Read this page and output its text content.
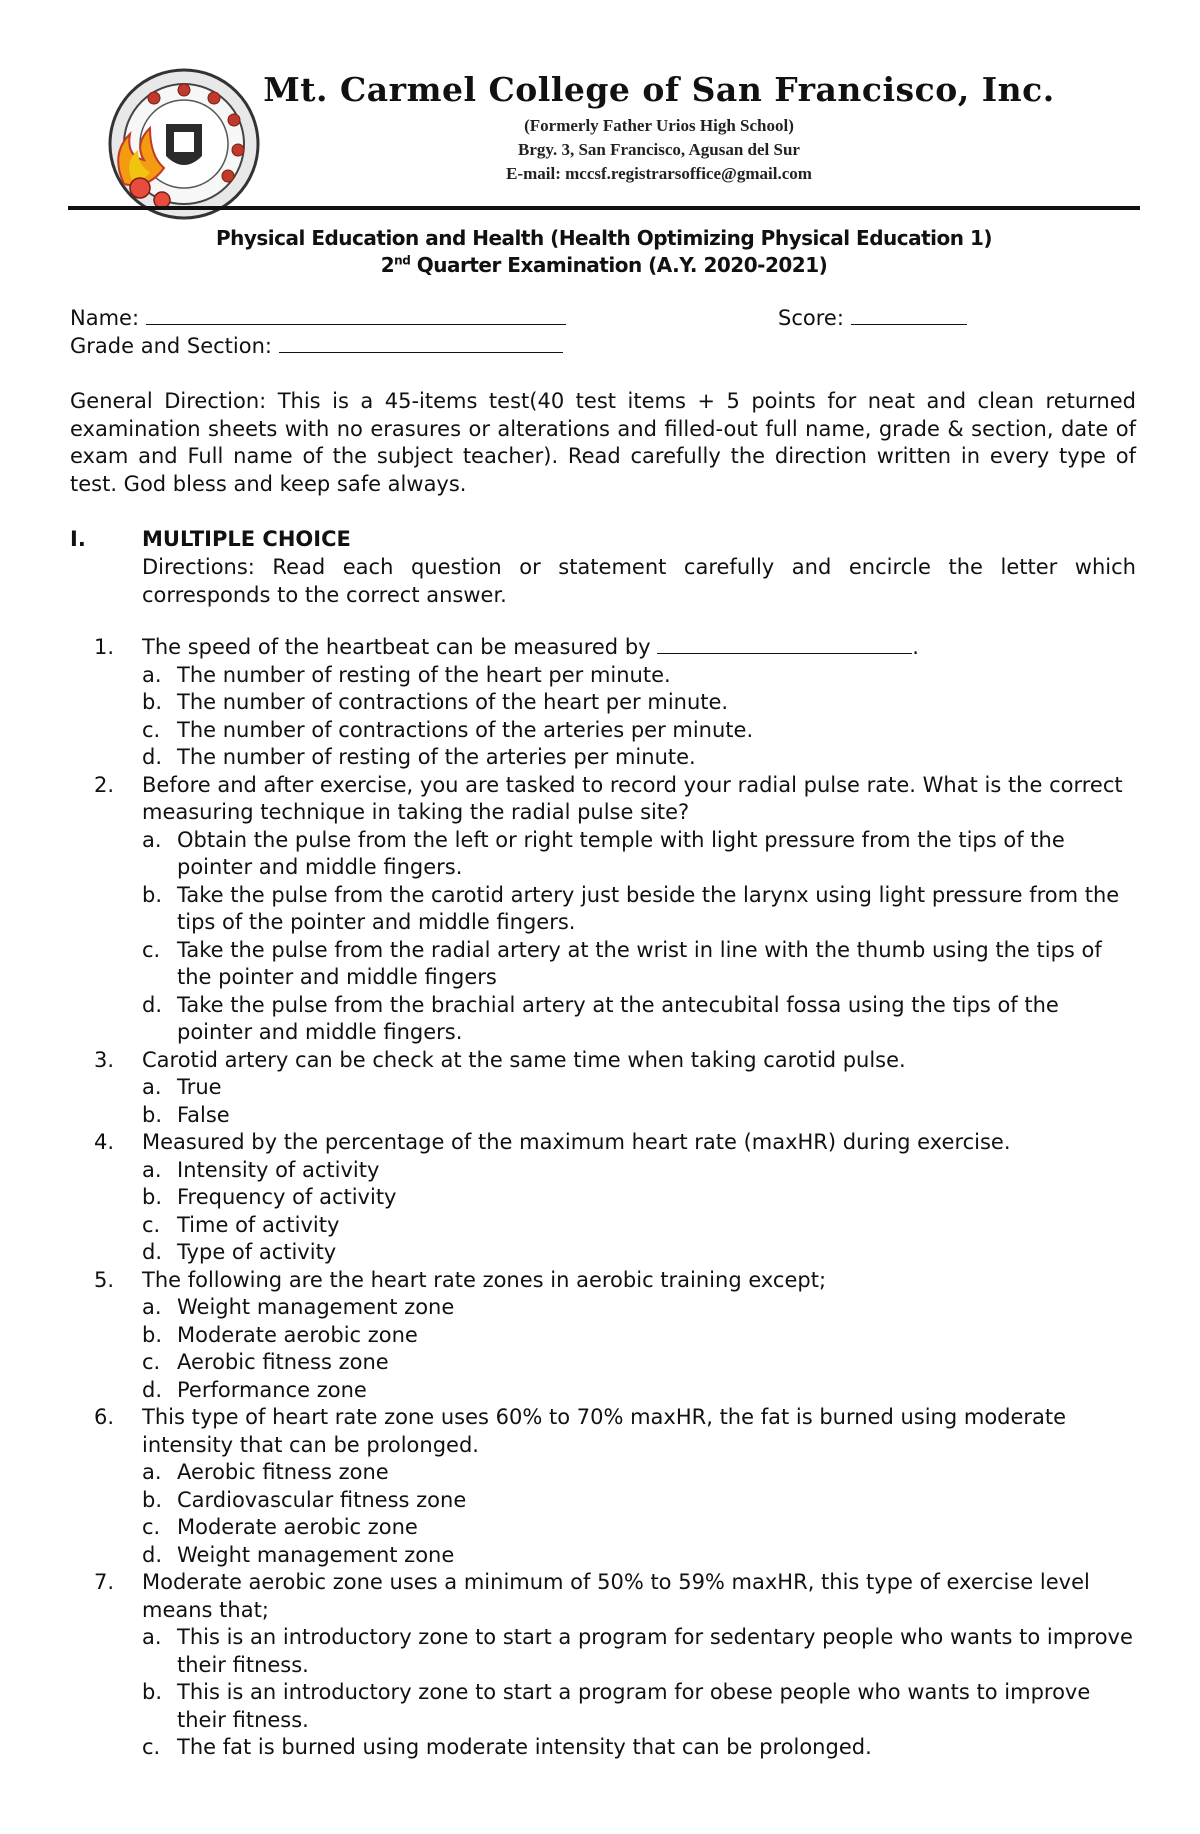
Mt. Carmel College of San Francisco, Inc.
(Formerly Father Urios High School)
Brgy. 3, San Francisco, Agusan del Sur
E-mail: mccsf.registrarsoffice@gmail.com
Physical Education and Health (Health Optimizing Physical Education 1)
2nd Quarter Examination (A.Y. 2020-2021)
Name:	Score:
Grade and Section:
General Direction: This is a 45-items test(40 test items + 5 points for neat and clean returned examination sheets with no erasures or alterations and filled-out full name, grade & section, date of exam and Full name of the subject teacher). Read carefully the direction written in every type of test. God bless and keep safe always.
I.	MULTIPLE CHOICE
Directions: Read each question or statement carefully and encircle the letter which corresponds to the correct answer.
1. The speed of the heartbeat can be measured by	.
a. The number of resting of the heart per minute.
b. The number of contractions of the heart per minute.
c. The number of contractions of the arteries per minute.
d. The number of resting of the arteries per minute.
2. Before and after exercise, you are tasked to record your radial pulse rate. What is the correct measuring technique in taking the radial pulse site?
a. Obtain the pulse from the left or right temple with light pressure from the tips of the pointer and middle fingers.
b. Take the pulse from the carotid artery just beside the larynx using light pressure from the tips of the pointer and middle fingers.
c. Take the pulse from the radial artery at the wrist in line with the thumb using the tips of the pointer and middle fingers
d. Take the pulse from the brachial artery at the antecubital fossa using the tips of the pointer and middle fingers.
3. Carotid artery can be check at the same time when taking carotid pulse.
a. True
b. False
4. Measured by the percentage of the maximum heart rate (maxHR) during exercise.
a. Intensity of activity
b. Frequency of activity
c. Time of activity
d. Type of activity
5. The following are the heart rate zones in aerobic training except;
a. Weight management zone
b. Moderate aerobic zone
c. Aerobic fitness zone
d. Performance zone
6. This type of heart rate zone uses 60% to 70% maxHR, the fat is burned using moderate intensity that can be prolonged.
a. Aerobic fitness zone
b. Cardiovascular fitness zone
c. Moderate aerobic zone
d. Weight management zone
7. Moderate aerobic zone uses a minimum of 50% to 59% maxHR, this type of exercise level means that;
a. This is an introductory zone to start a program for sedentary people who wants to improve their fitness.
b. This is an introductory zone to start a program for obese people who wants to improve their fitness.
c. The fat is burned using moderate intensity that can be prolonged.
